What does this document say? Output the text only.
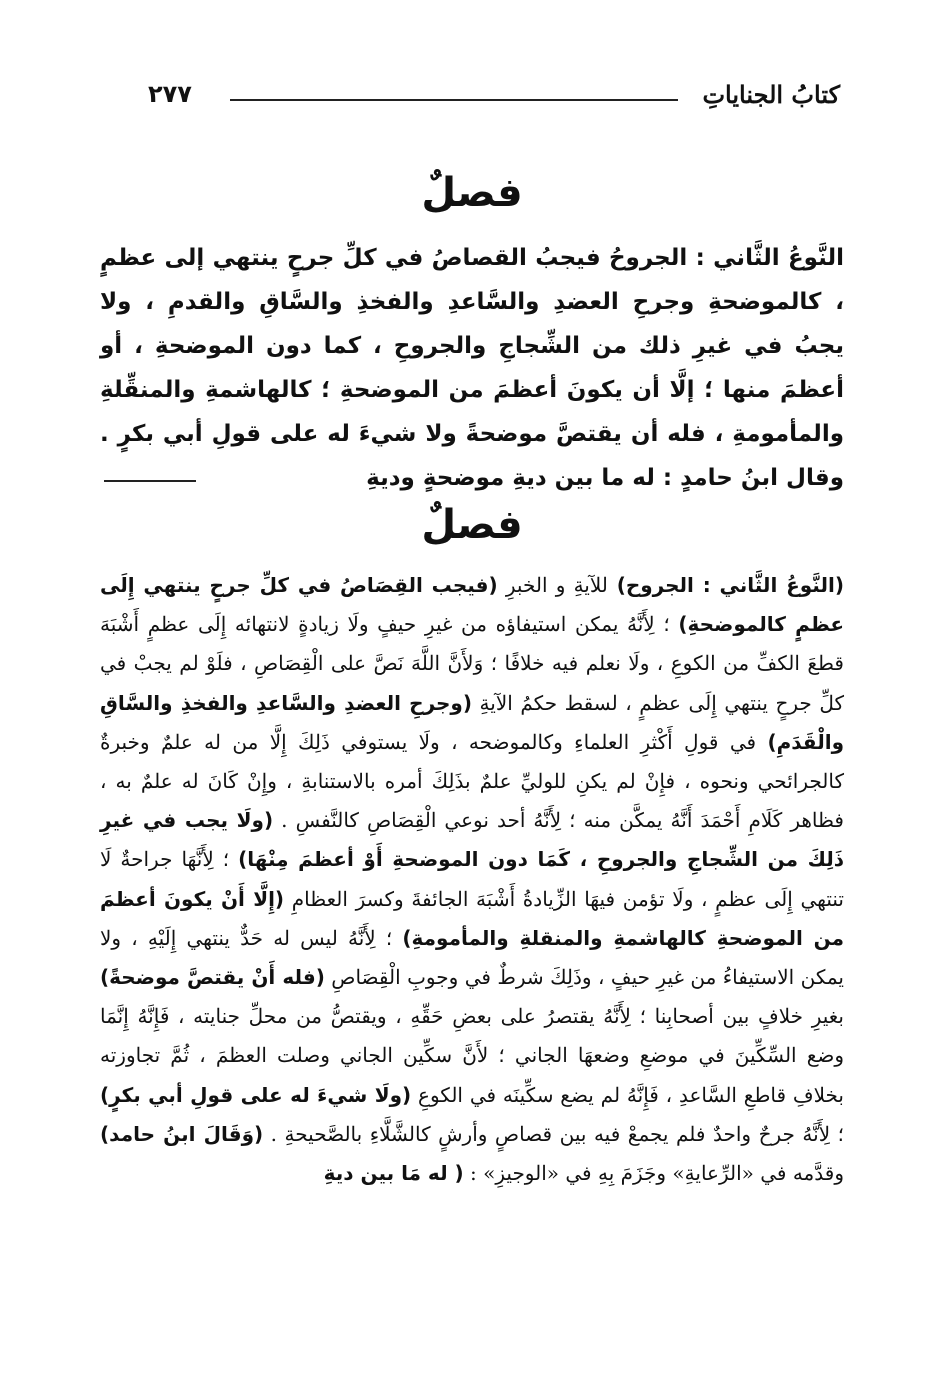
كتابُ الجناياتِ
٢٧٧
فصلٌ
النَّوعُ الثَّاني : الجروحُ فيجبُ القصاصُ في كلِّ جرحٍ ينتهي إلى عظمٍ ، كالموضحةِ وجرحِ العضدِ والسَّاعدِ والفخذِ والسَّاقِ والقدمِ ، ولا يجبُ في غيرِ ذلك من الشِّجاجِ والجروحِ ، كما دون الموضحةِ ، أو أعظمَ منها ؛ إلَّا أن يكونَ أعظمَ من الموضحةِ ؛ كالهاشمةِ والمنقِّلةِ والمأمومةِ ، فله أن يقتصَّ موضحةً ولا شيءَ له على قولِ أبي بكرٍ . وقال ابنُ حامدٍ : له ما بين ديةِ موضحةٍ وديةِ
فصلٌ
(النَّوعُ الثَّاني : الجروح) للآيةِ و الخبرِ (فيجب القِصَاصُ في كلِّ جرحٍ ينتهي إِلَى عظمٍ كالموضحةِ) ؛ لِأَنَّهُ يمكن استيفاؤه من غيرِ حيفٍ ولَا زيادةٍ لانتهائه إِلَى عظمٍ أَشْبَهَ قطعَ الكفِّ من الكوعِ ، ولَا نعلم فيه خلافًا ؛ وَلأَنَّ اللَّهَ نَصَّ على الْقِصَاصِ ، فلَوْ لم يجبْ في كلِّ جرحٍ ينتهي إِلَى عظمٍ ، لسقط حكمُ الآيةِ (وجرحِ العضدِ والسَّاعدِ والفخذِ والسَّاقِ والْقَدَمِ) في قولِ أَكْثرِ العلماءِ وكالموضحه ، ولَا يستوفي ذَلِكَ إِلَّا من له علمٌ وخبرةٌ كالجرائحي ونحوه ، فإِنْ لم يكنِ للوليِّ علمٌ بذَلِكَ أمره بالاستنابةِ ، وإِنْ كَانَ له علمٌ به ، فظاهر كَلَامِ أَحْمَدَ أَنَّهُ يمكَّن منه ؛ لِأَنَّهُ أحد نوعي الْقِصَاصِ كالنَّفسِ . (ولَا يجب في غيرِ ذَلِكَ من الشِّجاجِ والجروحِ ، كَمَا دون الموضحةِ أَوْ أعظمَ مِنْهَا) ؛ لِأَنَّهَا جراحةٌ لَا تنتهي إِلَى عظمٍ ، ولَا تؤمن فيهَا الزِّيادةُ أَشْبَهَ الجائفةَ وكسرَ العظامِ (إِلَّا أَنْ يكونَ أعظمَ من الموضحةِ كالهاشمةِ والمنقلةِ والمأمومةِ) ؛ لِأَنَّهُ ليس له حَدٌّ ينتهي إِلَيْهِ ، ولا يمكن الاستيفاءُ من غيرِ حيفٍ ، وذَلِكَ شرطٌ في وجوبِ الْقِصَاصِ (فله أَنْ يقتصَّ موضحةً) بغيرِ خلافٍ بين أصحابِنا ؛ لِأَنَّهُ يقتصرُ على بعضِ حَقِّهِ ، ويقتصُّ من محلِّ جنايته ، فَإِنَّهُ إِنَّمَا وضع السِّكِّينَ في موضعِ وضعهَا الجاني ؛ لأَنَّ سكِّين الجاني وصلت العظمَ ، ثُمَّ تجاوزته بخلافِ قاطعِ السَّاعدِ ، فَإِنَّهُ لم يضع سكِّينَه في الكوعِ (ولَا شيءَ له على قولِ أبي بكرٍ) ؛ لِأَنَّهُ جرحٌ واحدٌ فلم يجمعْ فيه بين قصاصٍ وأرشٍ كالشَّلَّاءِ بالصَّحيحةِ . (وَقَالَ ابنُ حامد) وقدَّمه في «الرِّعايةِ» وجَزَمَ بِهِ في «الوجيزِ» : ( له مَا بين ديةِ
